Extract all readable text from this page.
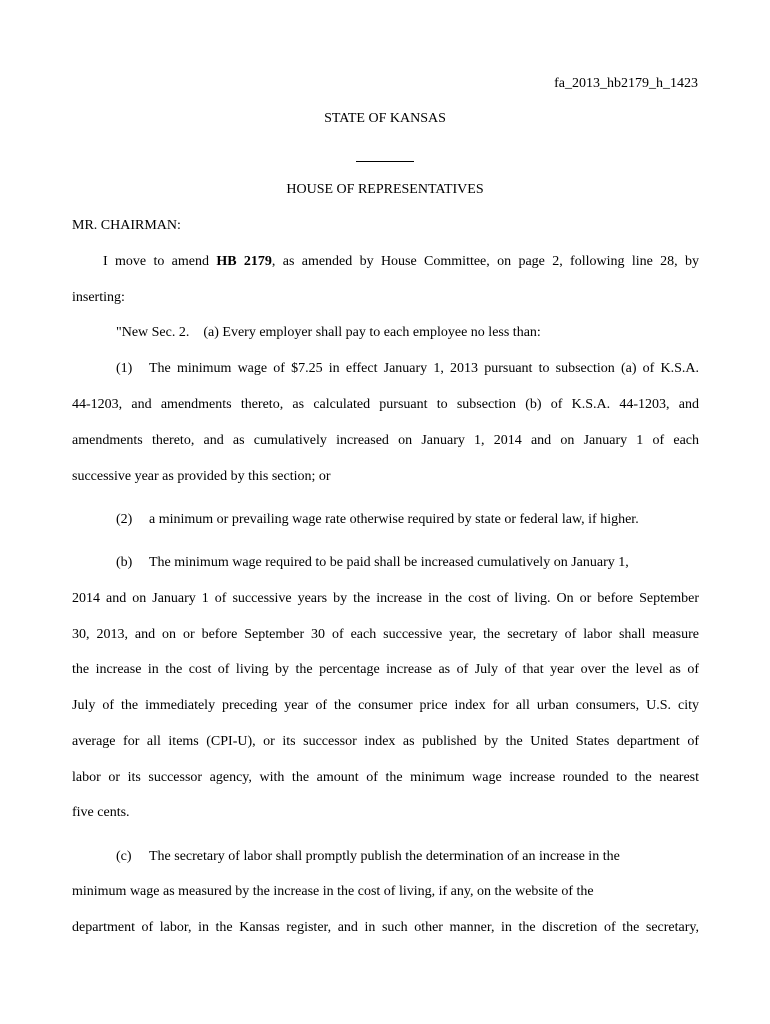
fa_2013_hb2179_h_1423
STATE OF KANSAS
HOUSE OF REPRESENTATIVES
MR. CHAIRMAN:
I move to amend HB 2179, as amended by House Committee, on page 2, following line 28, by
inserting:
"New Sec. 2.    (a) Every employer shall pay to each employee no less than:
(1) The minimum wage of $7.25 in effect January 1, 2013 pursuant to subsection (a) of K.S.A.
44-1203, and amendments thereto, as calculated pursuant to subsection (b) of K.S.A. 44-1203, and
amendments thereto, and as cumulatively increased on January 1, 2014 and on January 1 of each
successive year as provided by this section; or
(2) a minimum or prevailing wage rate otherwise required by state or federal law, if higher.
(b) The minimum wage required to be paid shall be increased cumulatively on January 1,
2014 and on January 1 of successive years by the increase in the cost of living. On or before September
30, 2013, and on or before September 30 of each successive year, the secretary of labor shall measure
the increase in the cost of living by the percentage increase as of July of that year over the level as of
July of the immediately preceding year of the consumer price index for all urban consumers, U.S. city
average for all items (CPI-U), or its successor index as published by the United States department of
labor or its successor agency, with the amount of the minimum wage increase rounded to the nearest
five cents.
(c) The secretary of labor shall promptly publish the determination of an increase in the
minimum wage as measured by the increase in the cost of living, if any, on the website of the
department of labor, in the Kansas register, and in such other manner, in the discretion of the secretary,
